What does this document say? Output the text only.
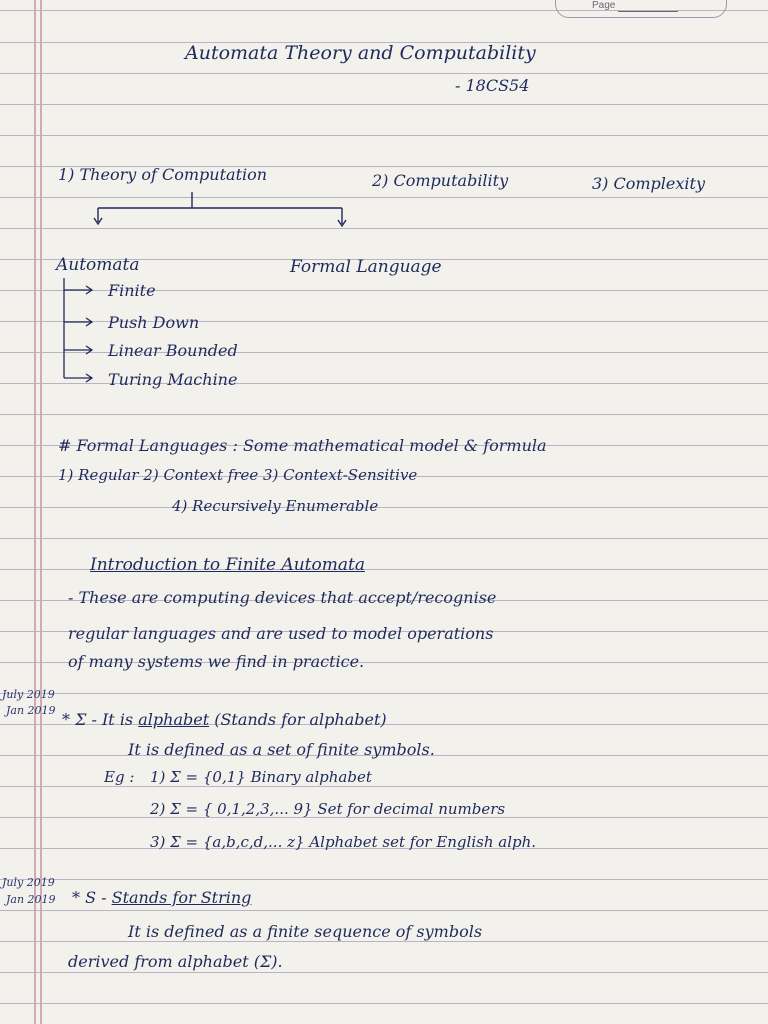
Page
Automata Theory and Computability
- 18CS54
1) Theory of Computation	2) Computability	3) Complexity
Automata	Formal Language
Finite
Push Down
Linear Bounded
Turing Machine
# Formal Languages : Some mathematical model & formula
1) Regular 2) Context free 3) Context-Sensitive
4) Recursively Enumerable
Introduction to Finite Automata
- These are computing devices that accept/recognise
regular languages and are used to model operations
of many systems we find in practice.
July 2019
Jan 2019 * Σ - It is alphabet (Stands for alphabet)
It is defined as a set of finite symbols.
Eg : 1) Σ = {0,1} Binary alphabet
2) Σ = { 0,1,2,3,... 9} Set for decimal numbers
3) Σ = {a,b,c,d,... z} Alphabet set for English alph.
July 2019
Jan 2019 * S - Stands for String
It is defined as a finite sequence of symbols
derived from alphabet (Σ).
